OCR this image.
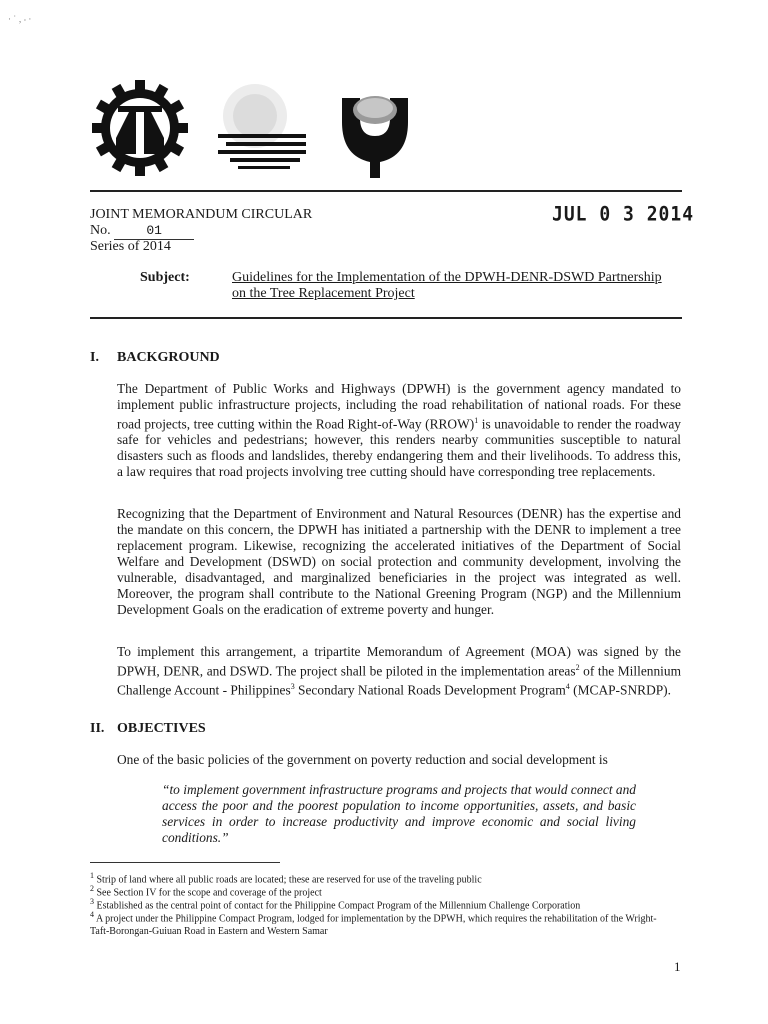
· ˙ ‚ ⸳ ·
JOINT MEMORANDUM CIRCULAR
No.	01
Series of 2014
JUL 0 3 2014
Subject:	Guidelines for the Implementation of the DPWH-DENR-DSWD Partnership
on the Tree Replacement Project
I. BACKGROUND
The Department of Public Works and Highways (DPWH) is the government agency mandated to implement public infrastructure projects, including the road rehabilitation of national roads. For these road projects, tree cutting within the Road Right-of-Way (RROW)$^1$ is unavoidable to render the roadway safe for vehicles and pedestrians; however, this renders nearby communities susceptible to natural disasters such as floods and landslides, thereby endangering them and their livelihoods. To address this, a law requires that road projects involving tree cutting should have corresponding tree replacements.
Recognizing that the Department of Environment and Natural Resources (DENR) has the expertise and the mandate on this concern, the DPWH has initiated a partnership with the DENR to implement a tree replacement program. Likewise, recognizing the accelerated initiatives of the Department of Social Welfare and Development (DSWD) on social protection and community development, involving the vulnerable, disadvantaged, and marginalized beneficiaries in the project was integrated as well. Moreover, the program shall contribute to the National Greening Program (NGP) and the Millennium Development Goals on the eradication of extreme poverty and hunger.
To implement this arrangement, a tripartite Memorandum of Agreement (MOA) was signed by the DPWH, DENR, and DSWD. The project shall be piloted in the implementation areas$^2$ of the Millennium Challenge Account - Philippines$^3$ Secondary National Roads Development Program$^4$ (MCAP-SNRDP).
II. OBJECTIVES
One of the basic policies of the government on poverty reduction and social development is
“to implement government infrastructure programs and projects that would connect and access the poor and the poorest population to income opportunities, assets, and basic services in order to increase productivity and improve economic and social living conditions.”
$^1$ Strip of land where all public roads are located; these are reserved for use of the traveling public
$^2$ See Section IV for the scope and coverage of the project
$^3$ Established as the central point of contact for the Philippine Compact Program of the Millennium Challenge Corporation
$^4$ A project under the Philippine Compact Program, lodged for implementation by the DPWH, which requires the rehabilitation of the Wright-Taft-Borongan-Guiuan Road in Eastern and Western Samar
1
